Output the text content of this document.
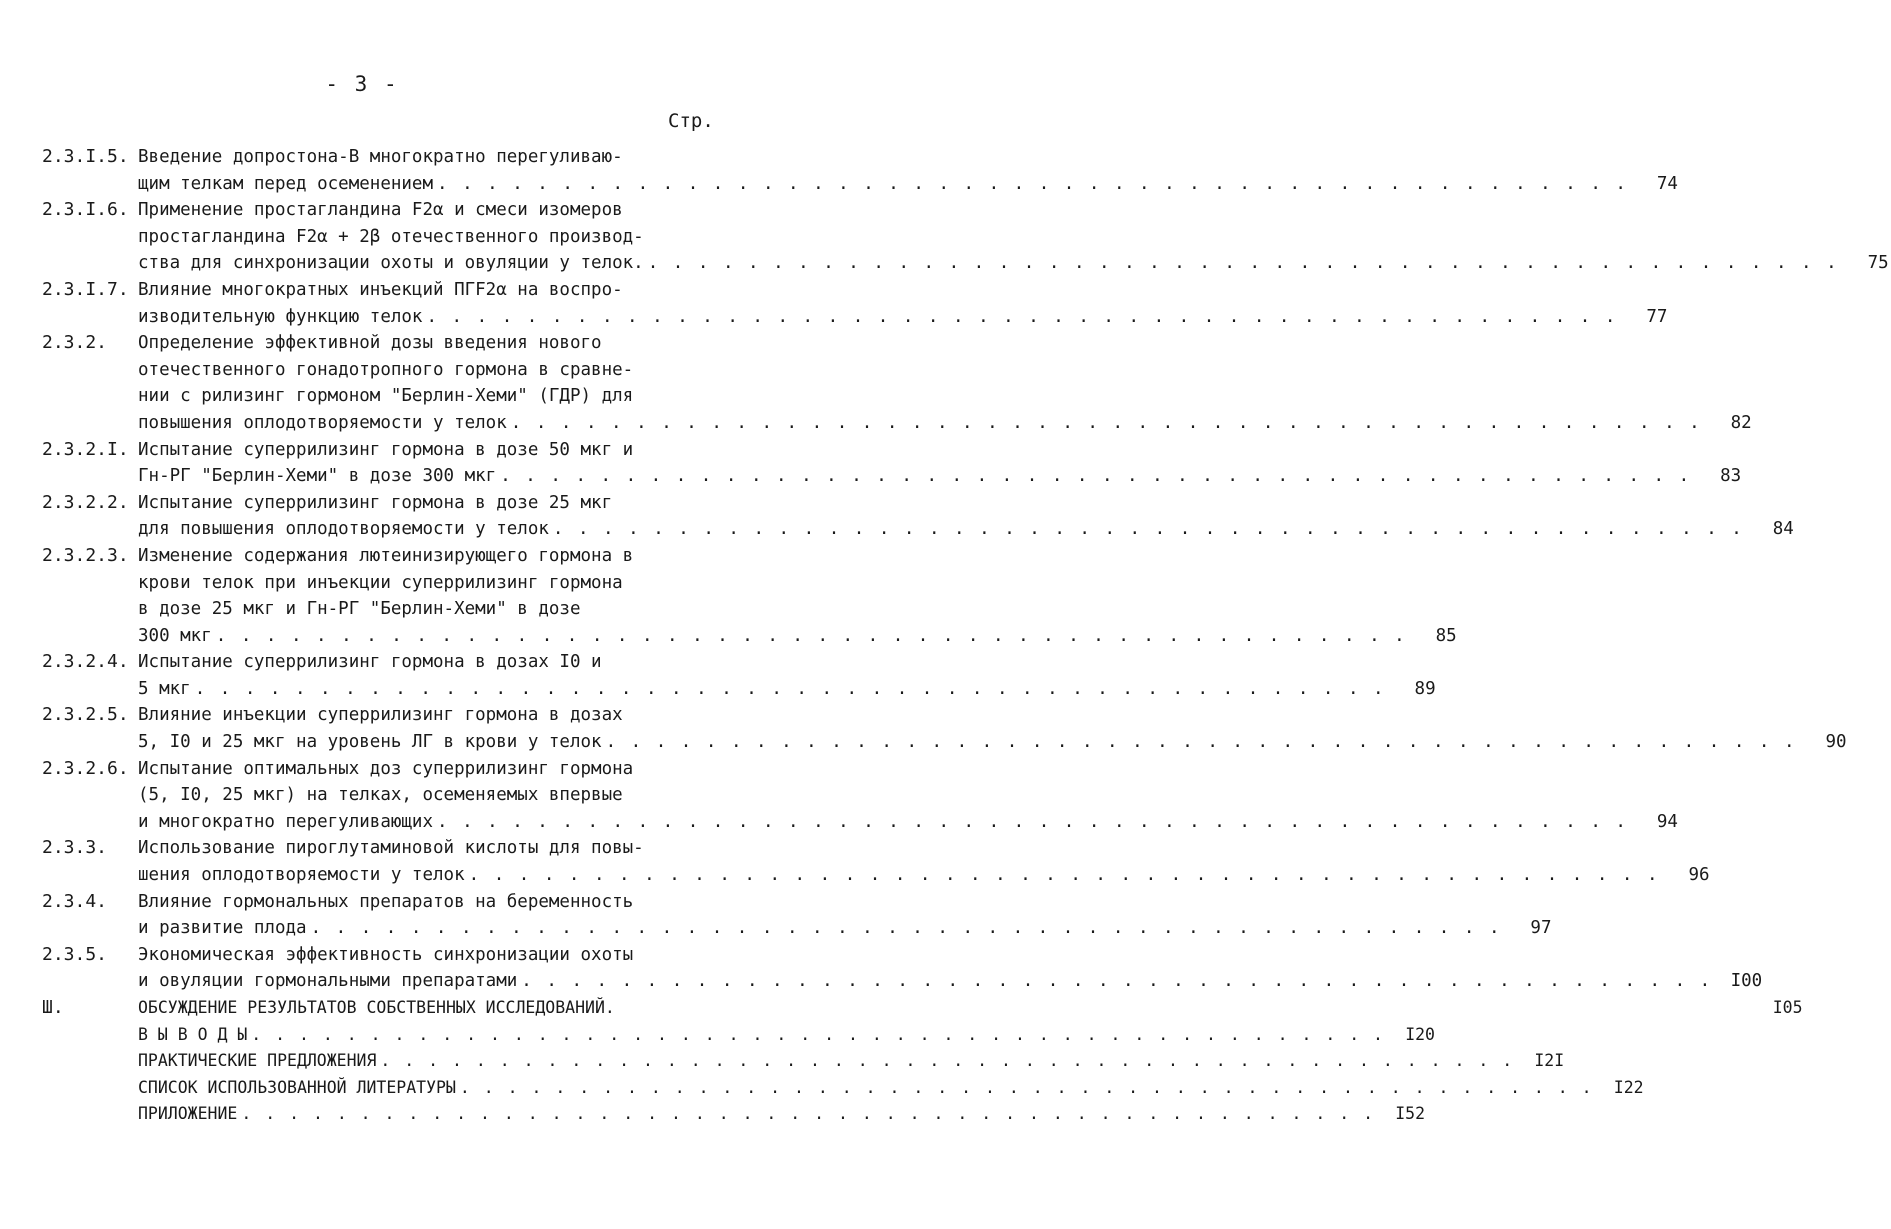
- 3 -
Стр.
2.3.I.5. Введение допростона-В многократно перегуливаю-
щим телкам перед осеменением . . .	74
2.3.I.6. Применение простагландина F2α и смеси изомеров
простагландина F2α + 2β отечественного производ-
ства для синхронизации охоты и овуляции у телок. . . .	75
2.3.I.7. Влияние многократных инъекций ПГF2α на воспро-
изводительную функцию телок . . .	77
2.3.2.	Определение эффективной дозы введения нового
отечественного гонадотропного гормона в сравне-
нии с рилизинг гормоном "Берлин-Хеми" (ГДР) для
повышения оплодотворяемости у телок . . .	82
2.3.2.I. Испытание суперрилизинг гормона в дозе 50 мкг и
Гн-РГ "Берлин-Хеми" в дозе 300 мкг . . .	83
2.3.2.2. Испытание суперрилизинг гормона в дозе 25 мкг
для повышения оплодотворяемости у телок . . .	84
2.3.2.3. Изменение содержания лютеинизирующего гормона в
крови телок при инъекции суперрилизинг гормона
в дозе 25 мкг и Гн-РГ "Берлин-Хеми" в дозе
300 мкг . . .	85
2.3.2.4. Испытание суперрилизинг гормона в дозах I0 и
5 мкг . . .	89
2.3.2.5. Влияние инъекции суперрилизинг гормона в дозах
5, I0 и 25 мкг на уровень ЛГ в крови у телок . . .	90
2.3.2.6. Испытание оптимальных доз суперрилизинг гормона
(5, I0, 25 мкг) на телках, осеменяемых впервые
и многократно перегуливающих . . .	94
2.3.3.	Использование пироглутаминовой кислоты для повы-
шения оплодотворяемости у телок . . .	96
2.3.4.	Влияние гормональных препаратов на беременность
и развитие плода . . .	97
2.3.5.	Экономическая эффективность синхронизации охоты
и овуляции гормональными препаратами . . .	I00
Ш.	ОБСУЖДЕНИЕ РЕЗУЛЬТАТОВ СОБСТВЕННЫХ ИССЛЕДОВАНИЙ.	I05
В Ы В О Д Ы . . .	I20
ПРАКТИЧЕСКИЕ ПРЕДЛОЖЕНИЯ . . .	I2I
СПИСОК ИСПОЛЬЗОВАННОЙ ЛИТЕРАТУРЫ . . .	I22
ПРИЛОЖЕНИЕ . . .	I52
